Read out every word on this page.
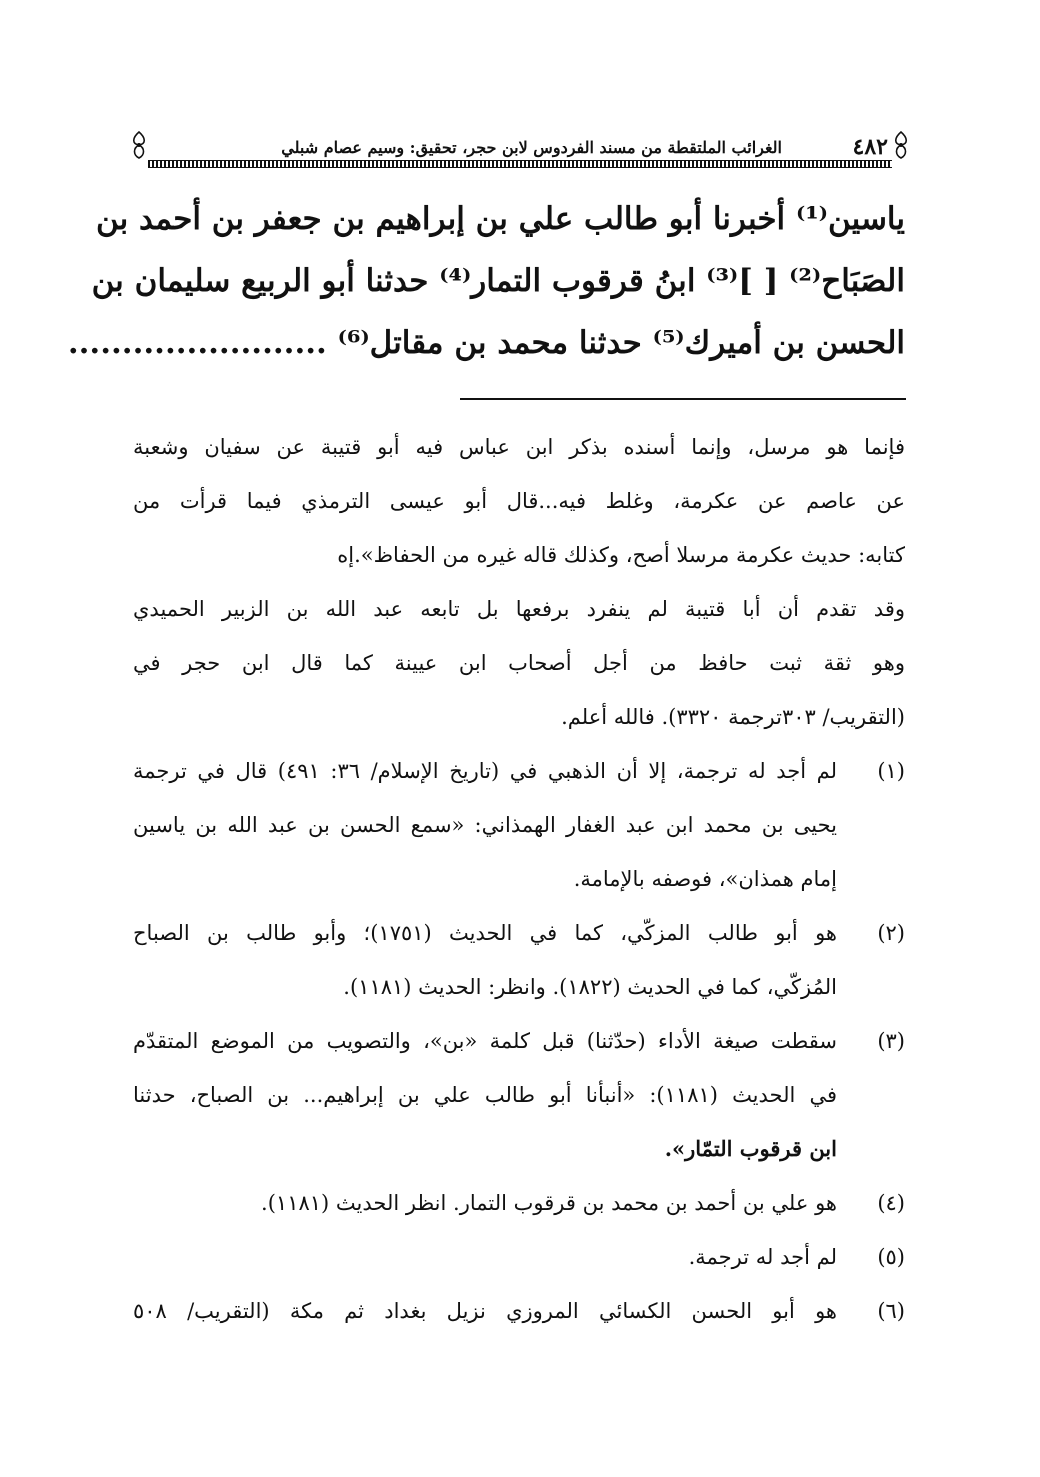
٤٨٢
الغرائب الملتقطة من مسند الفردوس لابن حجر، تحقيق: وسيم عصام شبلي
ياسين⁽¹⁾ أخبرنا أبو طالب علي بن إبراهيم بن جعفر بن أحمد بن
الصَبَاح⁽²⁾ [ ]⁽³⁾ ابنُ قرقوب التمار⁽⁴⁾ حدثنا أبو الربيع سليمان بن
الحسن بن أميرك⁽⁵⁾ حدثنا محمد بن مقاتل⁽⁶⁾ ........................
فإنما هو مرسل، وإنما أسنده بذكر ابن عباس فيه أبو قتيبة عن سفيان وشعبة
عن عاصم عن عكرمة، وغلط فيه...قال أبو عيسى الترمذي فيما قرأت من
كتابه: حديث عكرمة مرسلا أصح، وكذلك قاله غيره من الحفاظ».إه
وقد تقدم أن أبا قتيبة لم ينفرد برفعها بل تابعه عبد الله بن الزبير الحميدي
وهو ثقة ثبت حافظ من أجل أصحاب ابن عيينة كما قال ابن حجر في
(التقريب/ ٣٠٣ترجمة ٣٣٢٠). فالله أعلم.
(١)
لم أجد له ترجمة، إلا أن الذهبي في (تاريخ الإسلام/ ٣٦: ٤٩١) قال في ترجمة
يحيى بن محمد ابن عبد الغفار الهمذاني: «سمع الحسن بن عبد الله بن ياسين
إمام همذان»، فوصفه بالإمامة.
(٢)
هو أبو طالب المزكّي، كما في الحديث (١٧٥١)؛ وأبو طالب بن الصباح
المُزكّي، كما في الحديث (١٨٢٢). وانظر: الحديث (١١٨١).
(٣)
سقطت صيغة الأداء (حدّثنا) قبل كلمة «بن»، والتصويب من الموضع المتقدّم
في الحديث (١١٨١): «أنبأنا أبو طالب علي بن إبراهيم... بن الصباح، حدثنا
ابن قرقوب التمّار».
(٤)
هو علي بن أحمد بن محمد بن قرقوب التمار. انظر الحديث (١١٨١).
(٥)
لم أجد له ترجمة.
(٦)
هو أبو الحسن الكسائي المروزي نزيل بغداد ثم مكة (التقريب/ ٥٠٨
